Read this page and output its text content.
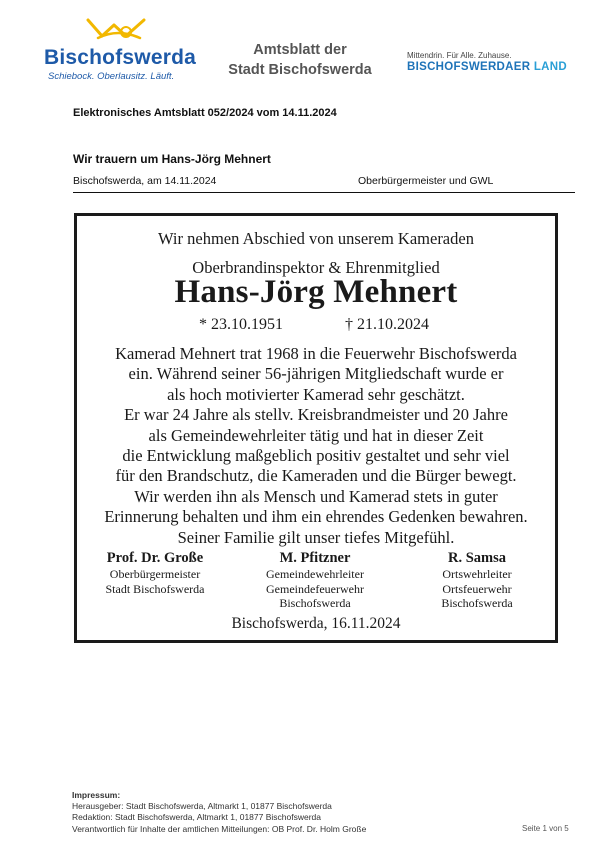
Bischofswerda
Schiebock. Oberlausitz. Läuft.
Amtsblatt der
Stadt Bischofswerda
Mittendrin. Für Alle. Zuhause.
BISCHOFSWERDAER LAND
Elektronisches Amtsblatt 052/2024 vom 14.11.2024
Wir trauern um Hans-Jörg Mehnert
Bischofswerda, am 14.11.2024	Oberbürgermeister und GWL
Wir nehmen Abschied von unserem Kameraden
Oberbrandinspektor & Ehrenmitglied
Hans-Jörg Mehnert
* 23.10.1951	† 21.10.2024
Kamerad Mehnert trat 1968 in die Feuerwehr Bischofswerda
ein. Während seiner 56-jährigen Mitgliedschaft wurde er
als hoch motivierter Kamerad sehr geschätzt.
Er war 24 Jahre als stellv. Kreisbrandmeister und 20 Jahre
als Gemeindewehrleiter tätig und hat in dieser Zeit
die Entwicklung maßgeblich positiv gestaltet und sehr viel
für den Brandschutz, die Kameraden und die Bürger bewegt.
Wir werden ihn als Mensch und Kamerad stets in guter
Erinnerung behalten und ihm ein ehrendes Gedenken bewahren.
Seiner Familie gilt unser tiefes Mitgefühl.
Prof. Dr. Große
Oberbürgermeister
Stadt Bischofswerda
M. Pfitzner
Gemeindewehrleiter
Gemeindefeuerwehr
Bischofswerda
R. Samsa
Ortswehrleiter
Ortsfeuerwehr
Bischofswerda
Bischofswerda, 16.11.2024
Impressum:
Herausgeber: Stadt Bischofswerda, Altmarkt 1, 01877 Bischofswerda
Redaktion: Stadt Bischofswerda, Altmarkt 1, 01877 Bischofswerda
Verantwortlich für Inhalte der amtlichen Mitteilungen: OB Prof. Dr. Holm Große	Seite 1 von 5
